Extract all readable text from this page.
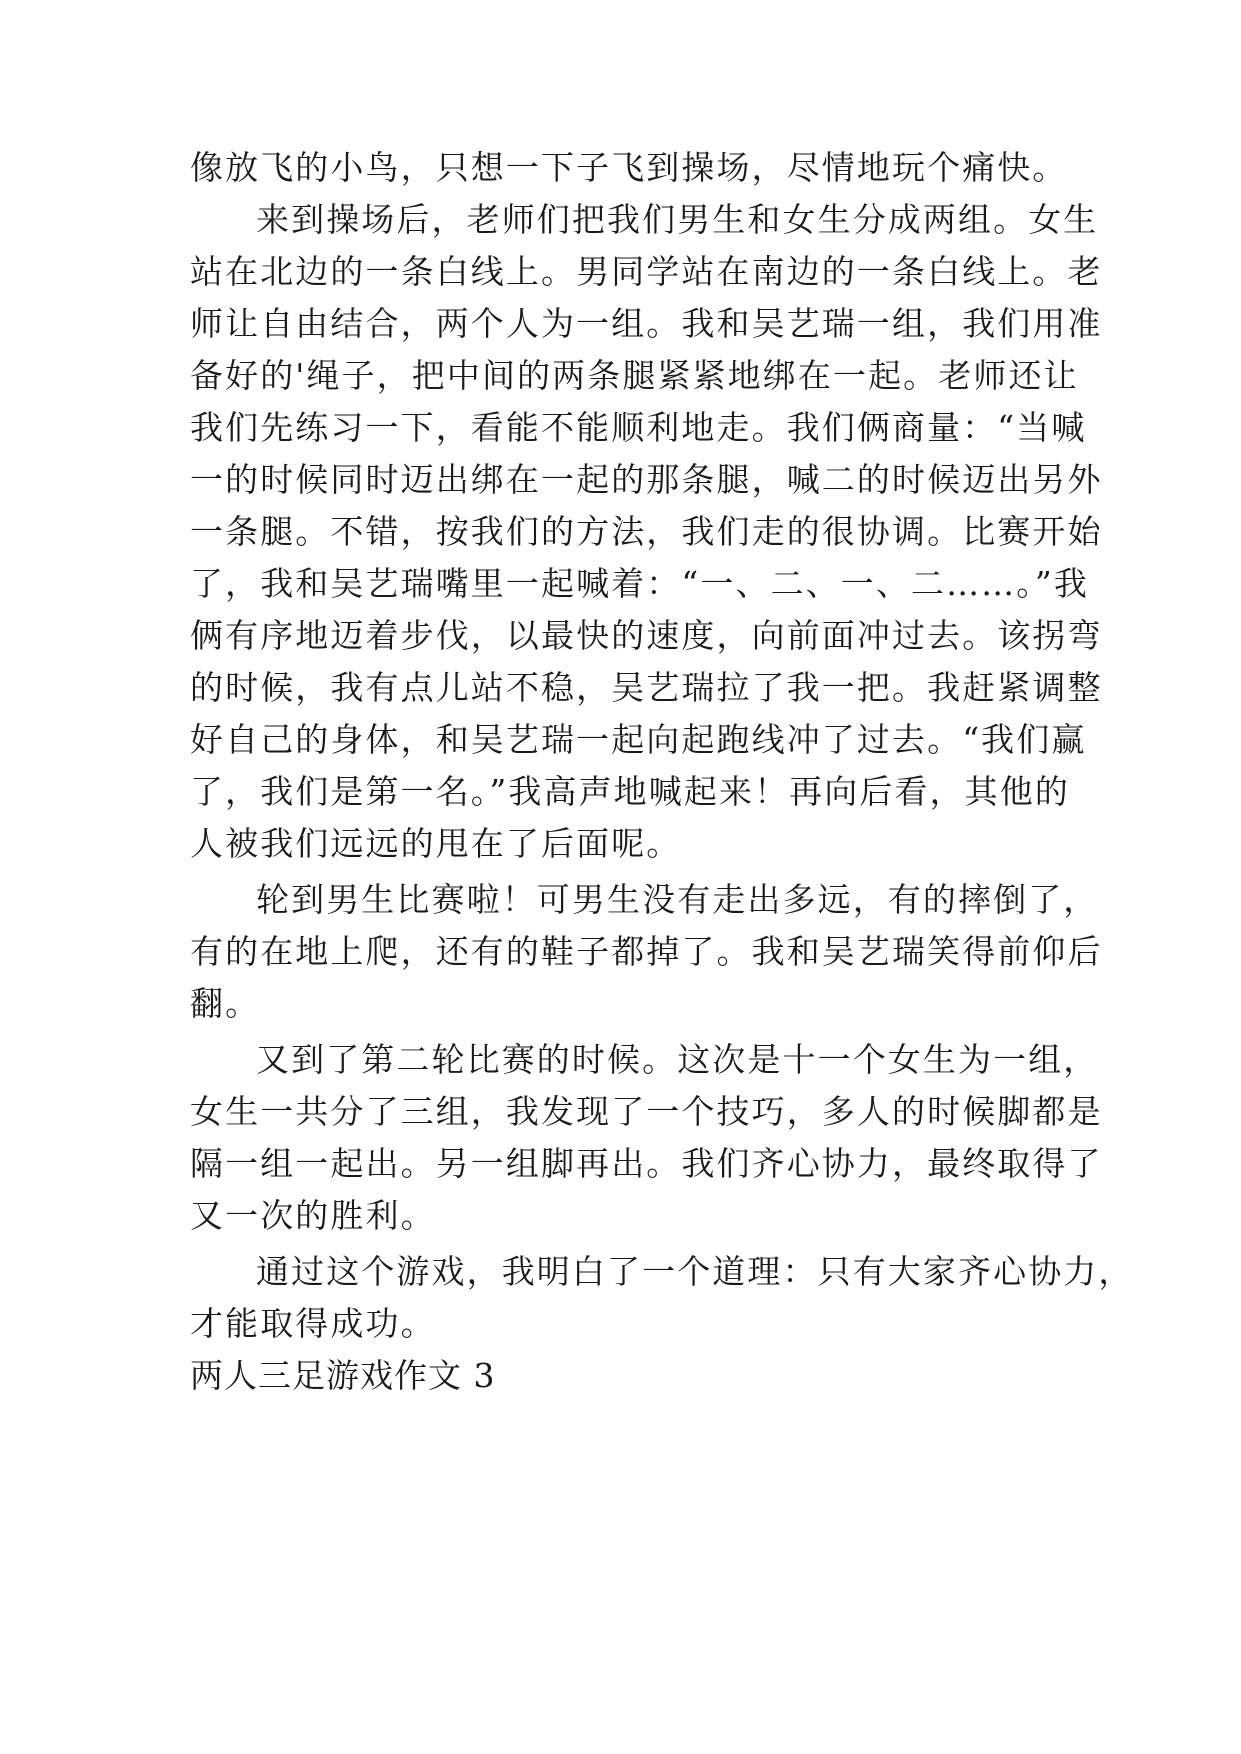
像放飞的小鸟，只想一下子飞到操场，尽情地玩个痛快。
来到操场后，老师们把我们男生和女生分成两组。女生
站在北边的一条白线上。男同学站在南边的一条白线上。老
师让自由结合，两个人为一组。我和吴艺瑞一组，我们用准
备好的'绳子，把中间的两条腿紧紧地绑在一起。老师还让
我们先练习一下，看能不能顺利地走。我们俩商量：“当喊
一的时候同时迈出绑在一起的那条腿，喊二的时候迈出另外
一条腿。不错，按我们的方法，我们走的很协调。比赛开始
了，我和吴艺瑞嘴里一起喊着：“一、二、一、二……。”我
俩有序地迈着步伐，以最快的速度，向前面冲过去。该拐弯
的时候，我有点儿站不稳，吴艺瑞拉了我一把。我赶紧调整
好自己的身体，和吴艺瑞一起向起跑线冲了过去。“我们赢
了，我们是第一名。”我高声地喊起来！再向后看，其他的
人被我们远远的甩在了后面呢。
轮到男生比赛啦！可男生没有走出多远，有的摔倒了，
有的在地上爬，还有的鞋子都掉了。我和吴艺瑞笑得前仰后
翻。
又到了第二轮比赛的时候。这次是十一个女生为一组，
女生一共分了三组，我发现了一个技巧，多人的时候脚都是
隔一组一起出。另一组脚再出。我们齐心协力，最终取得了
又一次的胜利。
通过这个游戏，我明白了一个道理：只有大家齐心协力，
才能取得成功。
两人三足游戏作文 3
